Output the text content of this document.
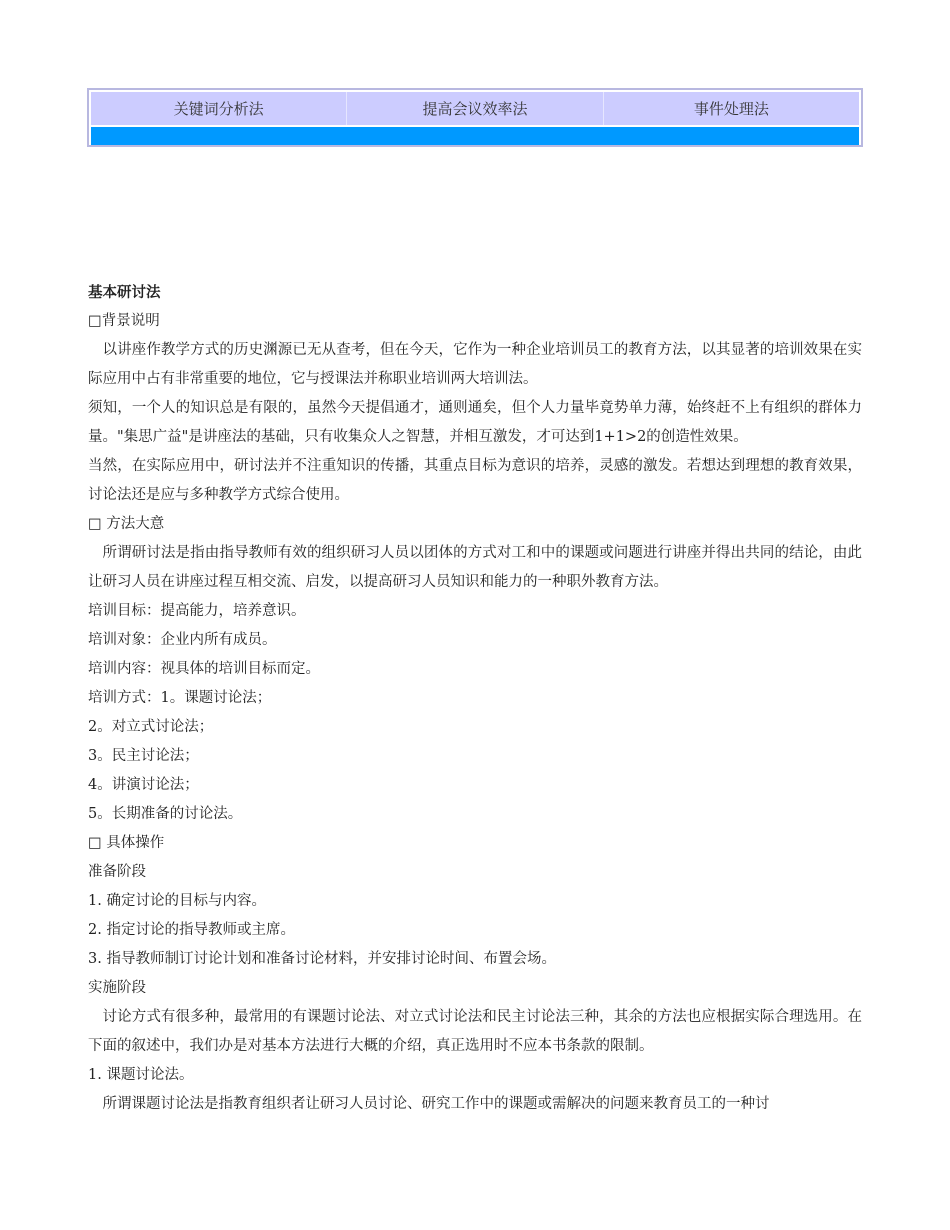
关键词分析法	提高会议效率法	事件处理法

基本研讨法

□背景说明

以讲座作教学方式的历史渊源已无从查考，但在今天，它作为一种企业培训员工的教育方法，以其显著的培训效果在实际应用中占有非常重要的地位，它与授课法并称职业培训两大培训法。

须知，一个人的知识总是有限的，虽然今天提倡通才，通则通矣，但个人力量毕竟势单力薄，始终赶不上有组织的群体力量。"集思广益"是讲座法的基础，只有收集众人之智慧，并相互激发，才可达到1+1>2的创造性效果。

当然，在实际应用中，研讨法并不注重知识的传播，其重点目标为意识的培养，灵感的激发。若想达到理想的教育效果，讨论法还是应与多种教学方式综合使用。

□ 方法大意

所谓研讨法是指由指导教师有效的组织研习人员以团体的方式对工和中的课题或问题进行讲座并得出共同的结论，由此让研习人员在讲座过程互相交流、启发，以提高研习人员知识和能力的一种职外教育方法。

培训目标：提高能力，培养意识。

培训对象：企业内所有成员。

培训内容：视具体的培训目标而定。

培训方式：1。课题讨论法；

2。对立式讨论法；

3。民主讨论法；

4。讲演讨论法；

5。长期准备的讨论法。

□ 具体操作

准备阶段

1. 确定讨论的目标与内容。

2. 指定讨论的指导教师或主席。

3. 指导教师制订讨论计划和准备讨论材料，并安排讨论时间、布置会场。

实施阶段

讨论方式有很多种，最常用的有课题讨论法、对立式讨论法和民主讨论法三种，其余的方法也应根据实际合理选用。在下面的叙述中，我们办是对基本方法进行大概的介绍，真正选用时不应本书条款的限制。

1. 课题讨论法。

所谓课题讨论法是指教育组织者让研习人员讨论、研究工作中的课题或需解决的问题来教育员工的一种讨
